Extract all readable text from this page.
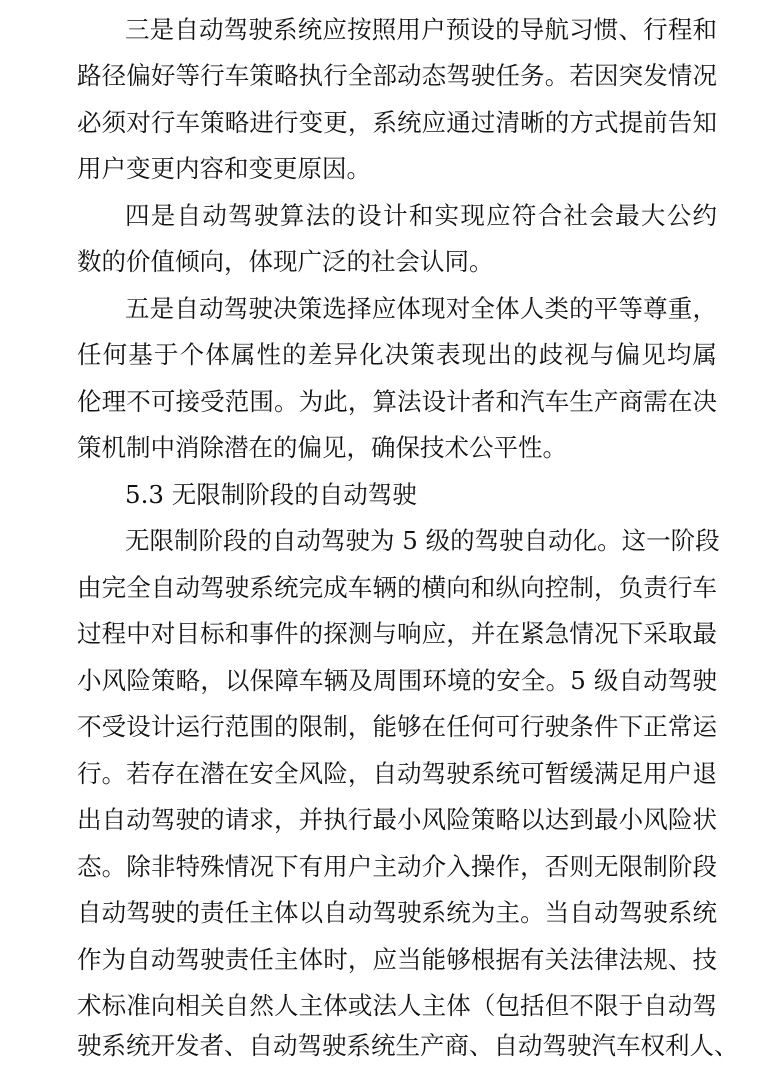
三是自动驾驶系统应按照用户预设的导航习惯、行程和
路径偏好等行车策略执行全部动态驾驶任务。若因突发情况
必须对行车策略进行变更，系统应通过清晰的方式提前告知
用户变更内容和变更原因。
四是自动驾驶算法的设计和实现应符合社会最大公约
数的价值倾向，体现广泛的社会认同。
五是自动驾驶决策选择应体现对全体人类的平等尊重，
任何基于个体属性的差异化决策表现出的歧视与偏见均属
伦理不可接受范围。为此，算法设计者和汽车生产商需在决
策机制中消除潜在的偏见，确保技术公平性。
5.3 无限制阶段的自动驾驶
无限制阶段的自动驾驶为 5 级的驾驶自动化。这一阶段
由完全自动驾驶系统完成车辆的横向和纵向控制，负责行车
过程中对目标和事件的探测与响应，并在紧急情况下采取最
小风险策略，以保障车辆及周围环境的安全。5 级自动驾驶
不受设计运行范围的限制，能够在任何可行驶条件下正常运
行。若存在潜在安全风险，自动驾驶系统可暂缓满足用户退
出自动驾驶的请求，并执行最小风险策略以达到最小风险状
态。除非特殊情况下有用户主动介入操作，否则无限制阶段
自动驾驶的责任主体以自动驾驶系统为主。当自动驾驶系统
作为自动驾驶责任主体时，应当能够根据有关法律法规、技
术标准向相关自然人主体或法人主体（包括但不限于自动驾
驶系统开发者、自动驾驶系统生产商、自动驾驶汽车权利人、
